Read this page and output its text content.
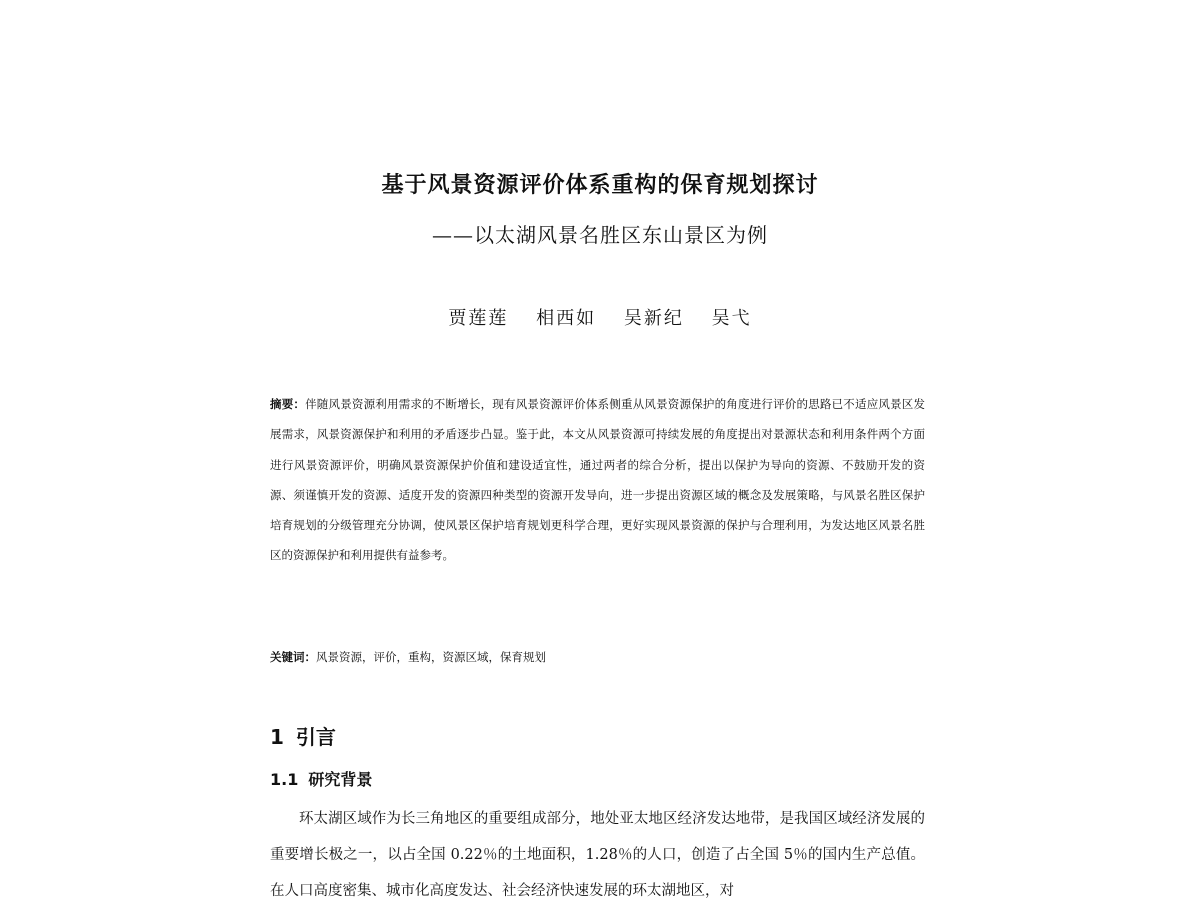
基于风景资源评价体系重构的保育规划探讨
——以太湖风景名胜区东山景区为例
贾莲莲 相西如 吴新纪 吴弋

摘要：伴随风景资源利用需求的不断增长，现有风景资源评价体系侧重从风景资源保护的角度进行评价的思路已不适应风景区发展需求，风景资源保护和利用的矛盾逐步凸显。鉴于此，本文从风景资源可持续发展的角度提出对景源状态和利用条件两个方面进行风景资源评价，明确风景资源保护价值和建设适宜性，通过两者的综合分析，提出以保护为导向的资源、不鼓励开发的资源、须谨慎开发的资源、适度开发的资源四种类型的资源开发导向，进一步提出资源区域的概念及发展策略，与风景名胜区保护培育规划的分级管理充分协调，使风景区保护培育规划更科学合理，更好实现风景资源的保护与合理利用，为发达地区风景名胜区的资源保护和利用提供有益参考。

关键词：风景资源，评价，重构，资源区域，保育规划

1 引言
1.1 研究背景

环太湖区域作为长三角地区的重要组成部分，地处亚太地区经济发达地带，是我国区域经济发展的重要增长极之一，以占全国 0.22％的土地面积，1.28％的人口，创造了占全国 5％的国内生产总值。在人口高度密集、城市化高度发达、社会经济快速发展的环太湖地区，对
